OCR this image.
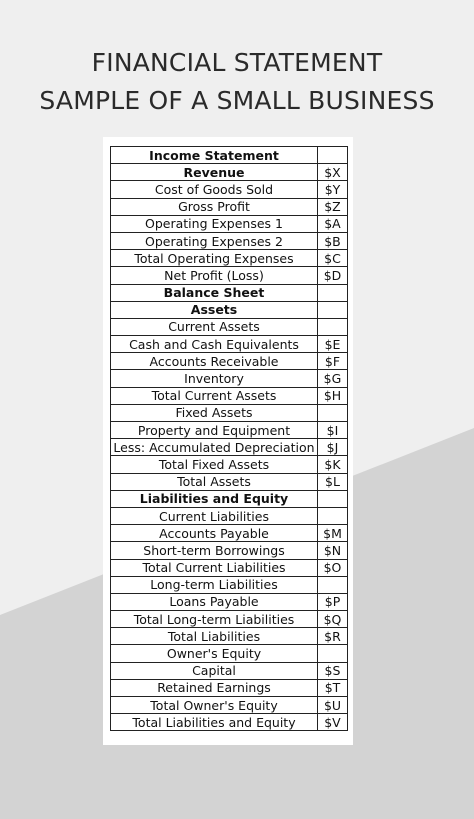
FINANCIAL STATEMENT
SAMPLE OF A SMALL BUSINESS
Income Statement	
Revenue	$X
Cost of Goods Sold	$Y
Gross Profit	$Z
Operating Expenses 1	$A
Operating Expenses 2	$B
Total Operating Expenses	$C
Net Profit (Loss)	$D
Balance Sheet	
Assets	
Current Assets	
Cash and Cash Equivalents	$E
Accounts Receivable	$F
Inventory	$G
Total Current Assets	$H
Fixed Assets	
Property and Equipment	$I
Less: Accumulated Depreciation	$J
Total Fixed Assets	$K
Total Assets	$L
Liabilities and Equity	
Current Liabilities	
Accounts Payable	$M
Short-term Borrowings	$N
Total Current Liabilities	$O
Long-term Liabilities	
Loans Payable	$P
Total Long-term Liabilities	$Q
Total Liabilities	$R
Owner's Equity	
Capital	$S
Retained Earnings	$T
Total Owner's Equity	$U
Total Liabilities and Equity	$V
